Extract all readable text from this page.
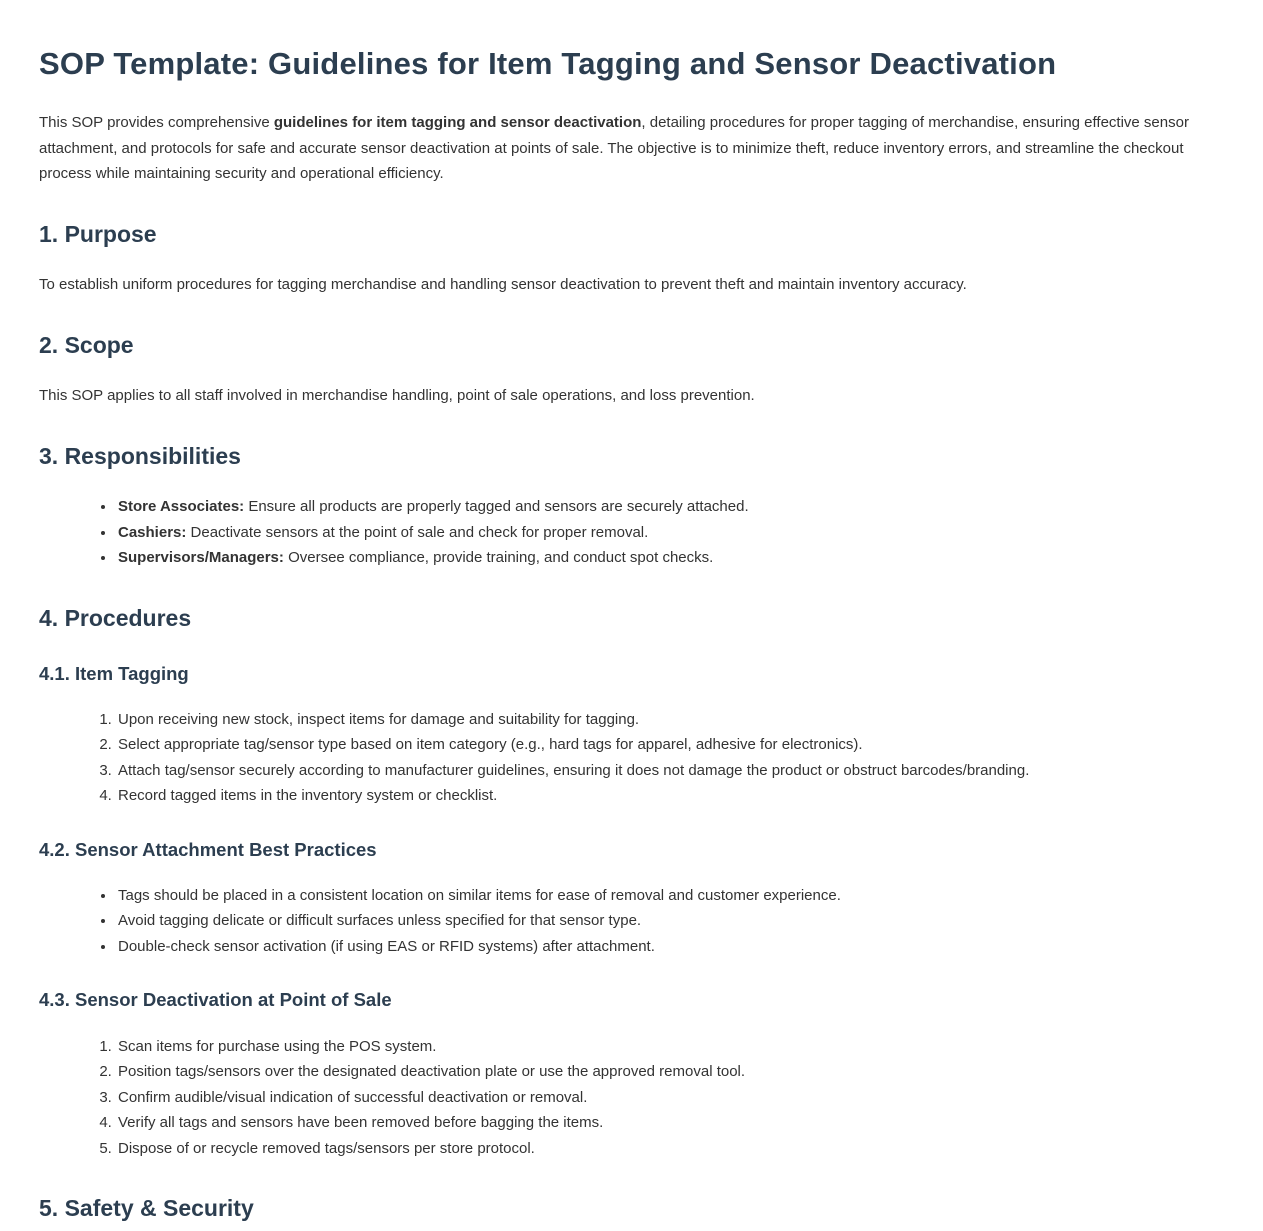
SOP Template: Guidelines for Item Tagging and Sensor Deactivation

This SOP provides comprehensive guidelines for item tagging and sensor deactivation, detailing procedures for proper tagging of merchandise, ensuring effective sensor attachment, and protocols for safe and accurate sensor deactivation at points of sale. The objective is to minimize theft, reduce inventory errors, and streamline the checkout process while maintaining security and operational efficiency.

1. Purpose

To establish uniform procedures for tagging merchandise and handling sensor deactivation to prevent theft and maintain inventory accuracy.

2. Scope

This SOP applies to all staff involved in merchandise handling, point of sale operations, and loss prevention.

3. Responsibilities
• Store Associates: Ensure all products are properly tagged and sensors are securely attached.
• Cashiers: Deactivate sensors at the point of sale and check for proper removal.
• Supervisors/Managers: Oversee compliance, provide training, and conduct spot checks.
4. Procedures
4.1. Item Tagging
1. Upon receiving new stock, inspect items for damage and suitability for tagging.
2. Select appropriate tag/sensor type based on item category (e.g., hard tags for apparel, adhesive for electronics).
3. Attach tag/sensor securely according to manufacturer guidelines, ensuring it does not damage the product or obstruct barcodes/branding.
4. Record tagged items in the inventory system or checklist.
4.2. Sensor Attachment Best Practices
• Tags should be placed in a consistent location on similar items for ease of removal and customer experience.
• Avoid tagging delicate or difficult surfaces unless specified for that sensor type.
• Double-check sensor activation (if using EAS or RFID systems) after attachment.
4.3. Sensor Deactivation at Point of Sale
1. Scan items for purchase using the POS system.
2. Position tags/sensors over the designated deactivation plate or use the approved removal tool.
3. Confirm audible/visual indication of successful deactivation or removal.
4. Verify all tags and sensors have been removed before bagging the items.
5. Dispose of or recycle removed tags/sensors per store protocol.
5. Safety & Security
